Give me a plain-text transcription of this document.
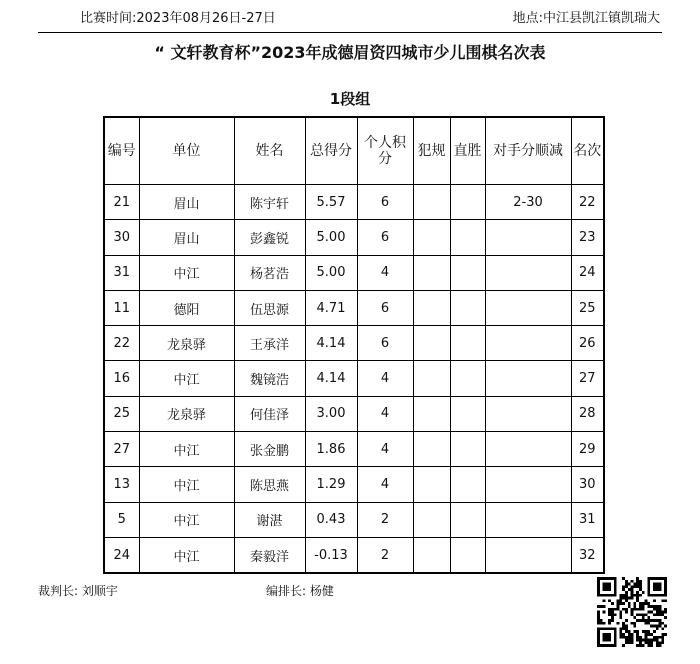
比赛时间:2023年08月26日-27日	地点:中江县凯江镇凯瑞大
“ 文轩教育杯”2023年成德眉资四城市少儿围棋名次表
1段组
编号	单位	姓名	总得分	个人积分	犯规	直胜	对手分顺减	名次
21	眉山	陈宇轩	5.57	6			2-30	22
30	眉山	彭鑫锐	5.00	6				23
31	中江	杨茗浩	5.00	4				24
11	德阳	伍思源	4.71	6				25
22	龙泉驿	王承洋	4.14	6				26
16	中江	魏镜浩	4.14	4				27
25	龙泉驿	何佳泽	3.00	4				28
27	中江	张金鹏	1.86	4				29
13	中江	陈思燕	1.29	4				30
5	中江	谢湛	0.43	2				31
24	中江	秦毅洋	-0.13	2				32
裁判长: 刘顺宇	编排长: 杨健
